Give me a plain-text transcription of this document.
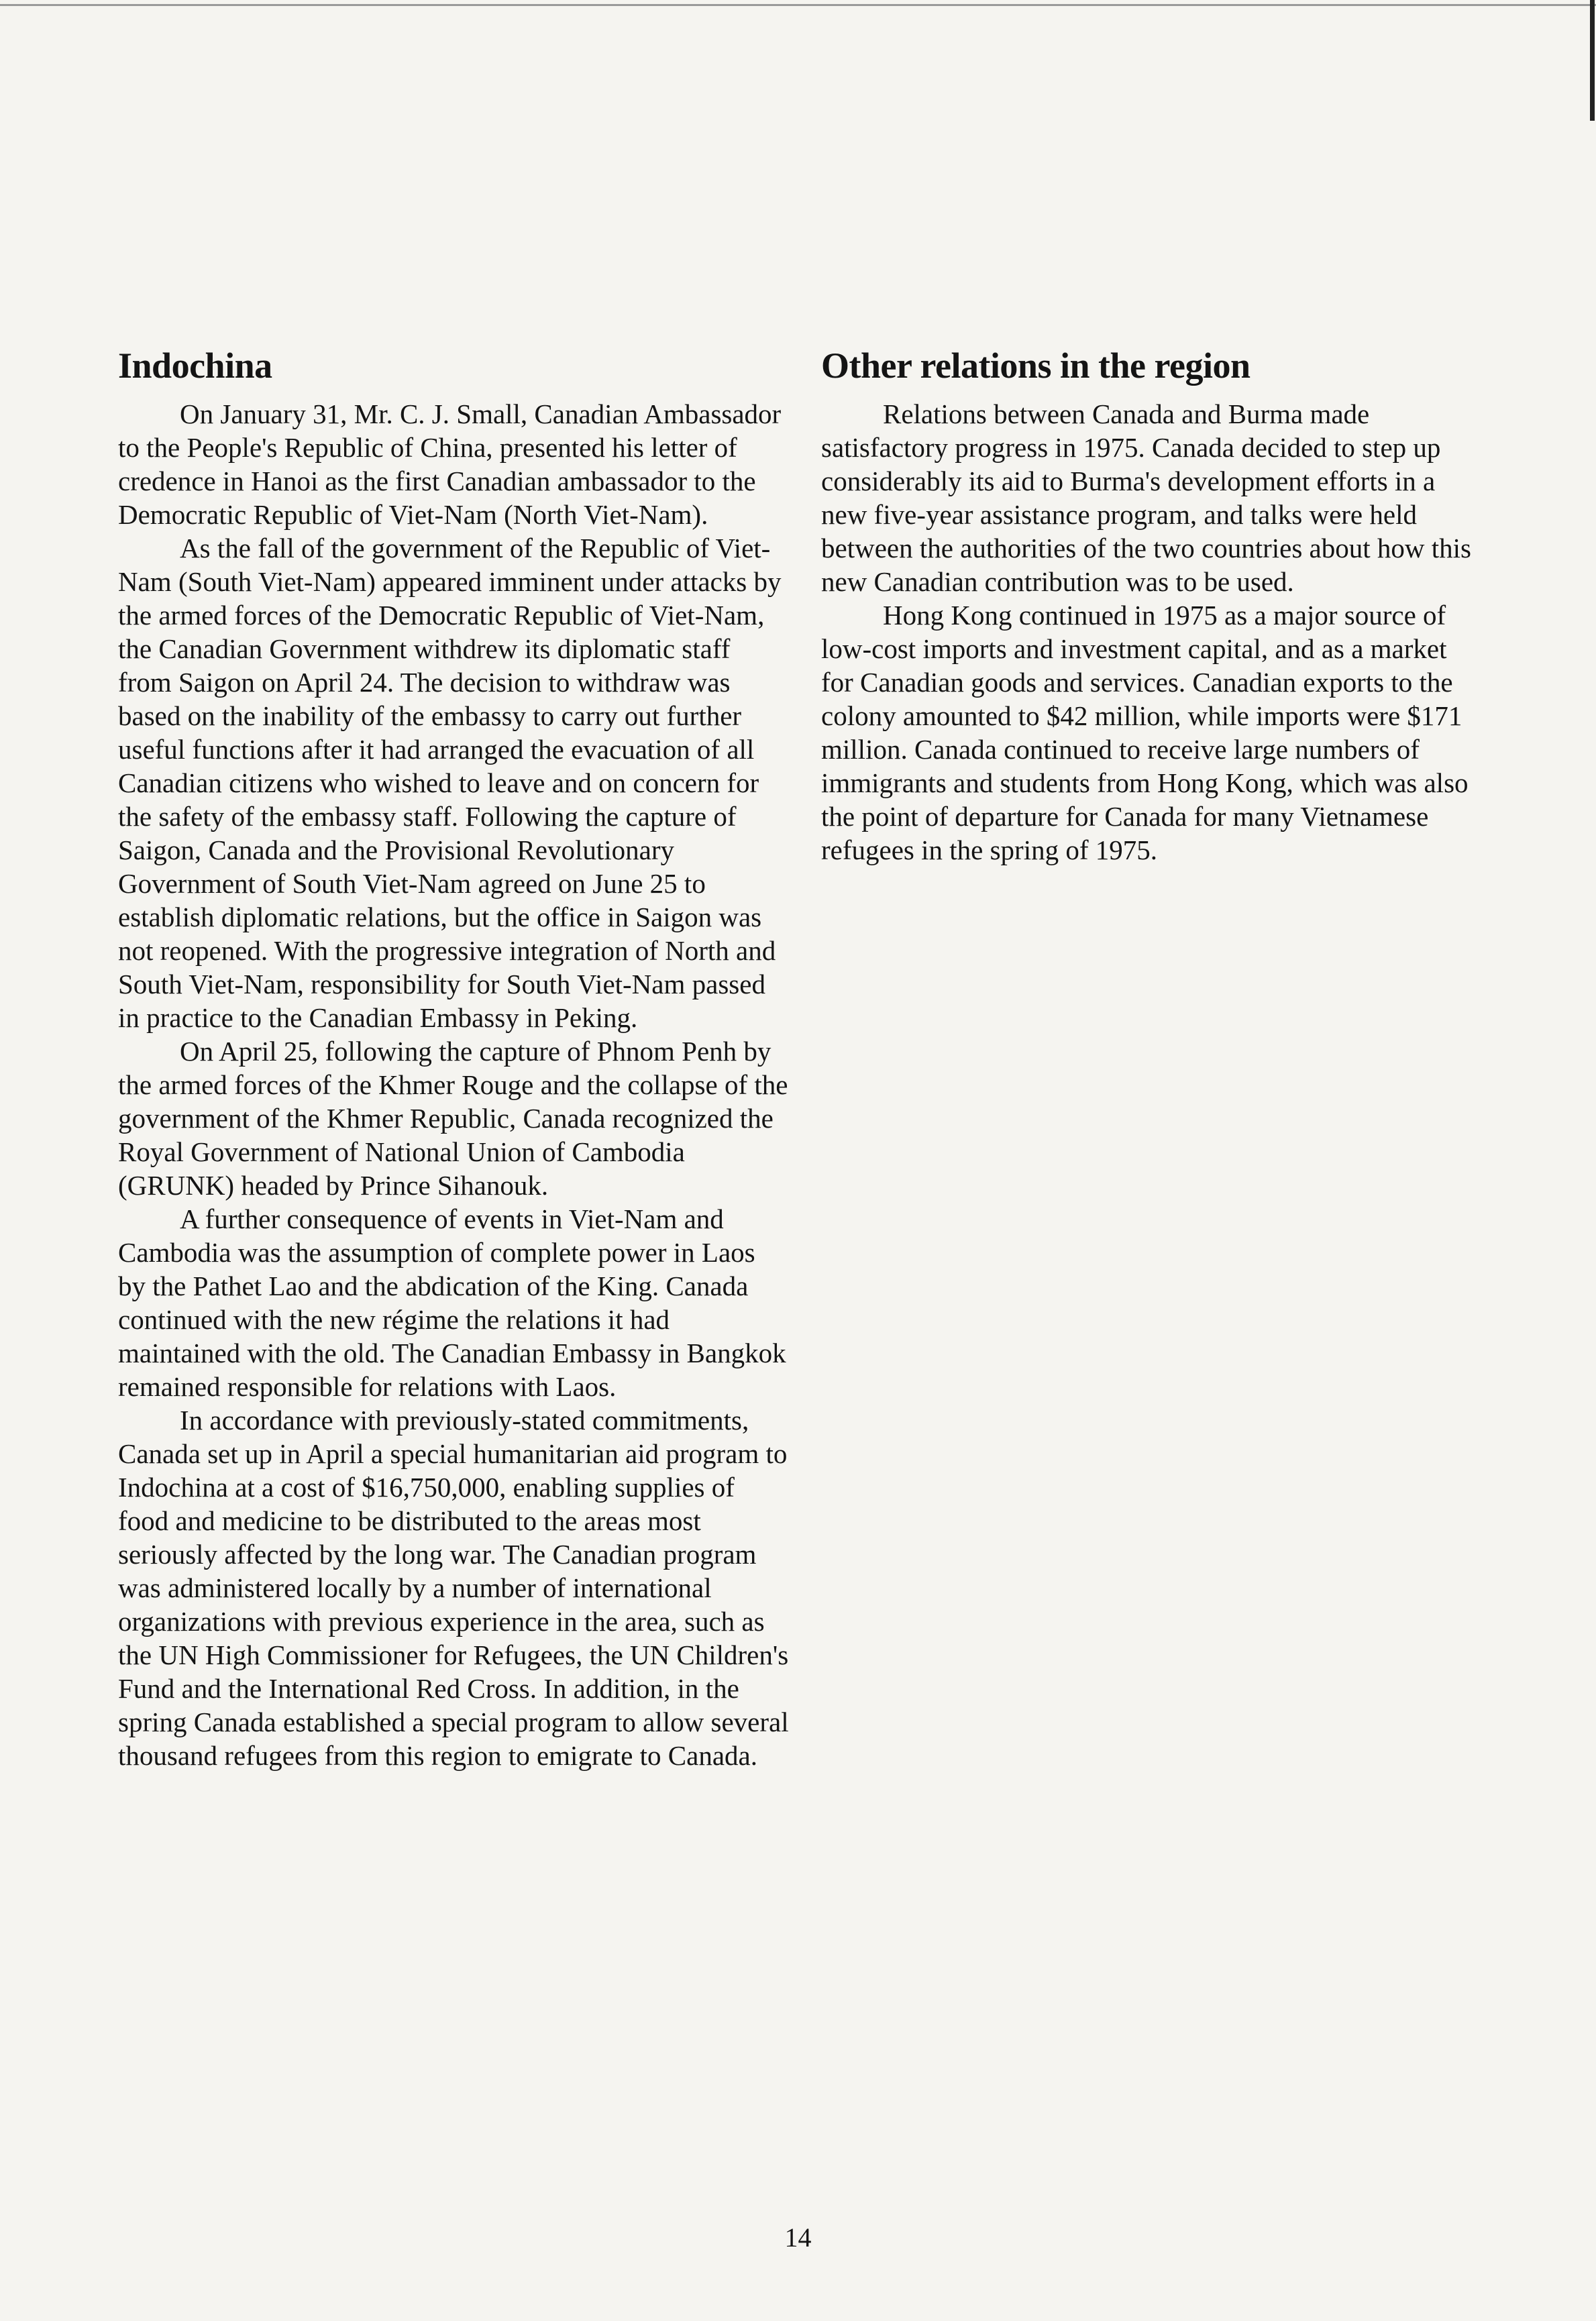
Indochina

On January 31, Mr. C. J. Small, Canadian Ambassador to the People's Republic of China, presented his letter of credence in Hanoi as the first Canadian ambassador to the Democratic Republic of Viet-Nam (North Viet-Nam).

As the fall of the government of the Republic of Viet-Nam (South Viet-Nam) appeared imminent under attacks by the armed forces of the Democratic Republic of Viet-Nam, the Canadian Government withdrew its diplomatic staff from Saigon on April 24. The decision to withdraw was based on the inability of the embassy to carry out further useful functions after it had arranged the evacuation of all Canadian citizens who wished to leave and on concern for the safety of the embassy staff. Following the capture of Saigon, Canada and the Provisional Revolutionary Government of South Viet-Nam agreed on June 25 to establish diplomatic relations, but the office in Saigon was not reopened. With the progressive integration of North and South Viet-Nam, responsibility for South Viet-Nam passed in practice to the Canadian Embassy in Peking.

On April 25, following the capture of Phnom Penh by the armed forces of the Khmer Rouge and the collapse of the government of the Khmer Republic, Canada recognized the Royal Government of National Union of Cambodia (GRUNK) headed by Prince Sihanouk.

A further consequence of events in Viet-Nam and Cambodia was the assumption of complete power in Laos by the Pathet Lao and the abdication of the King. Canada continued with the new régime the relations it had maintained with the old. The Canadian Embassy in Bangkok remained responsible for relations with Laos.

In accordance with previously-stated commitments, Canada set up in April a special humanitarian aid program to Indochina at a cost of $16,750,000, enabling supplies of food and medicine to be distributed to the areas most seriously affected by the long war. The Canadian program was administered locally by a number of international organizations with previous experience in the area, such as the UN High Commissioner for Refugees, the UN Children's Fund and the International Red Cross. In addition, in the spring Canada established a special program to allow several thousand refugees from this region to emigrate to Canada.

Other relations in the region

Relations between Canada and Burma made satisfactory progress in 1975. Canada decided to step up considerably its aid to Burma's development efforts in a new five-year assistance program, and talks were held between the authorities of the two countries about how this new Canadian contribution was to be used.

Hong Kong continued in 1975 as a major source of low-cost imports and investment capital, and as a market for Canadian goods and services. Canadian exports to the colony amounted to $42 million, while imports were $171 million. Canada continued to receive large numbers of immigrants and students from Hong Kong, which was also the point of departure for Canada for many Vietnamese refugees in the spring of 1975.

14
